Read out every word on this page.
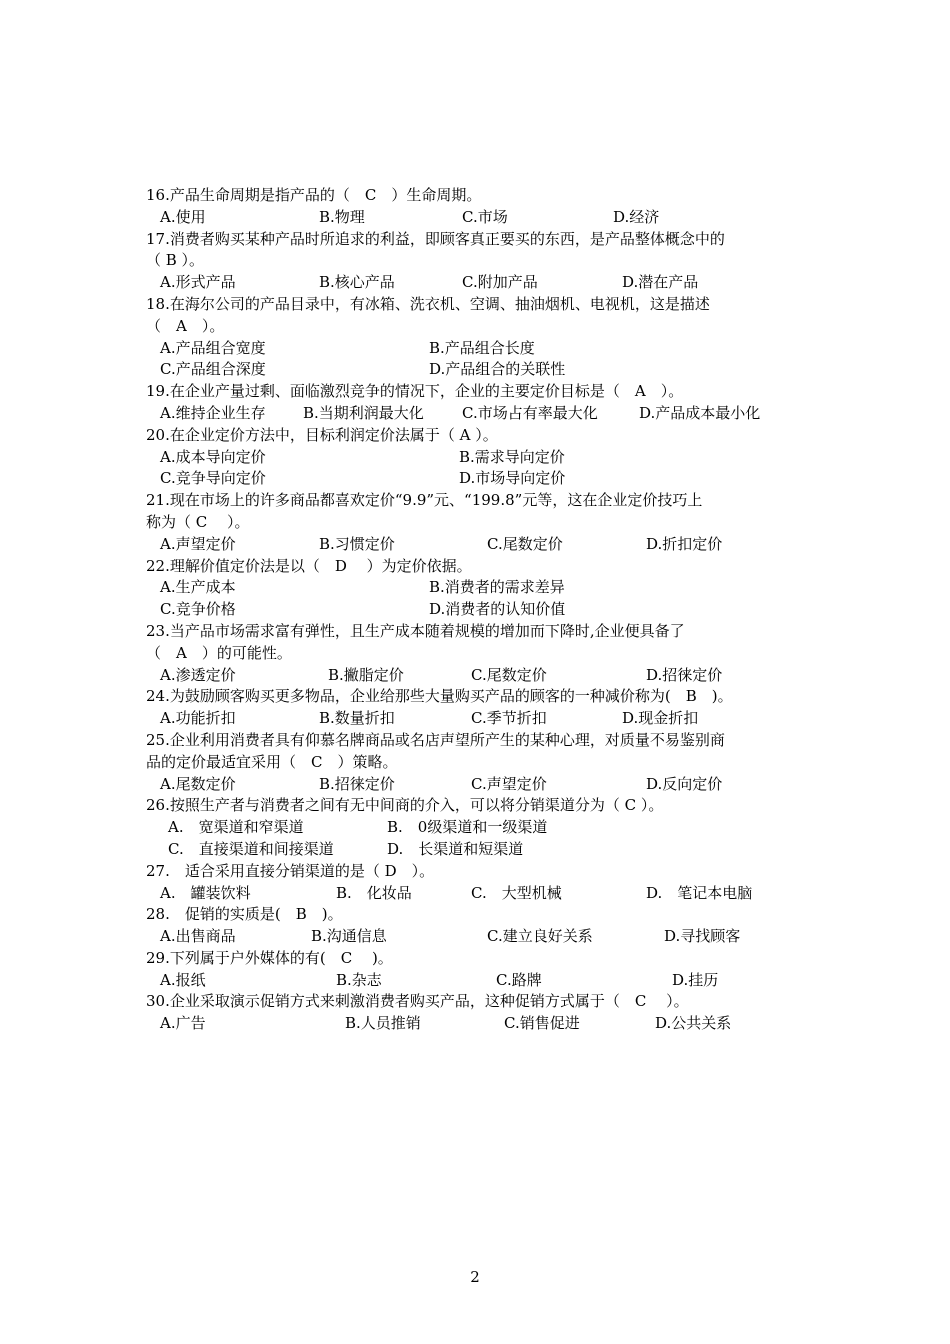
16.产品生命周期是指产品的（　C　）生命周期。
A.使用	B.物理	C.市场	D.经济
17.消费者购买某种产品时所追求的利益，即顾客真正要买的东西，是产品整体概念中的
（ B ）。
A.形式产品	B.核心产品	C.附加产品	D.潜在产品
18.在海尔公司的产品目录中，有冰箱、洗衣机、空调、抽油烟机、电视机，这是描述
（　A　）。
A.产品组合宽度	B.产品组合长度
C.产品组合深度	D.产品组合的关联性
19.在企业产量过剩、面临激烈竞争的情况下，企业的主要定价目标是（　A　）。
A.维持企业生存 B.当期利润最大化	C.市场占有率最大化	D.产品成本最小化
20.在企业定价方法中，目标利润定价法属于（ A ）。
A.成本导向定价	B.需求导向定价
C.竞争导向定价	D.市场导向定价
21.现在市场上的许多商品都喜欢定价“9.9”元、“199.8”元等，这在企业定价技巧上
称为（ C　 ）。
A.声望定价	B.习惯定价	C.尾数定价	D.折扣定价
22.理解价值定价法是以（　D　 ）为定价依据。
A.生产成本	B.消费者的需求差异
C.竞争价格	D.消费者的认知价值
23.当产品市场需求富有弹性，且生产成本随着规模的增加而下降时,企业便具备了
（　A　）的可能性。
A.渗透定价	B.撇脂定价	C.尾数定价	D.招徕定价
24.为鼓励顾客购买更多物品，企业给那些大量购买产品的顾客的一种减价称为(　B　)。
A.功能折扣	B.数量折扣	C.季节折扣	D.现金折扣
25.企业利用消费者具有仰慕名牌商品或名店声望所产生的某种心理，对质量不易鉴别商
品的定价最适宜采用（　C　）策略。
A.尾数定价	B.招徕定价	C.声望定价	D.反向定价
26.按照生产者与消费者之间有无中间商的介入，可以将分销渠道分为（ C ）。
A.　宽渠道和窄渠道	B.　0级渠道和一级渠道
C.　直接渠道和间接渠道	D.　长渠道和短渠道
27.　适合采用直接分销渠道的是（ D　）。
A.　罐装饮料	B.　化妆品	C.　大型机械	D.　笔记本电脑
28.　促销的实质是(　B　)。
A.出售商品	B.沟通信息	C.建立良好关系	D.寻找顾客
29.下列属于户外媒体的有(　C　 )。
A.报纸	B.杂志	C.路牌	D.挂历
30.企业采取演示促销方式来刺激消费者购买产品，这种促销方式属于（　C　 ）。
A.广告	B.人员推销	C.销售促进	D.公共关系
2
